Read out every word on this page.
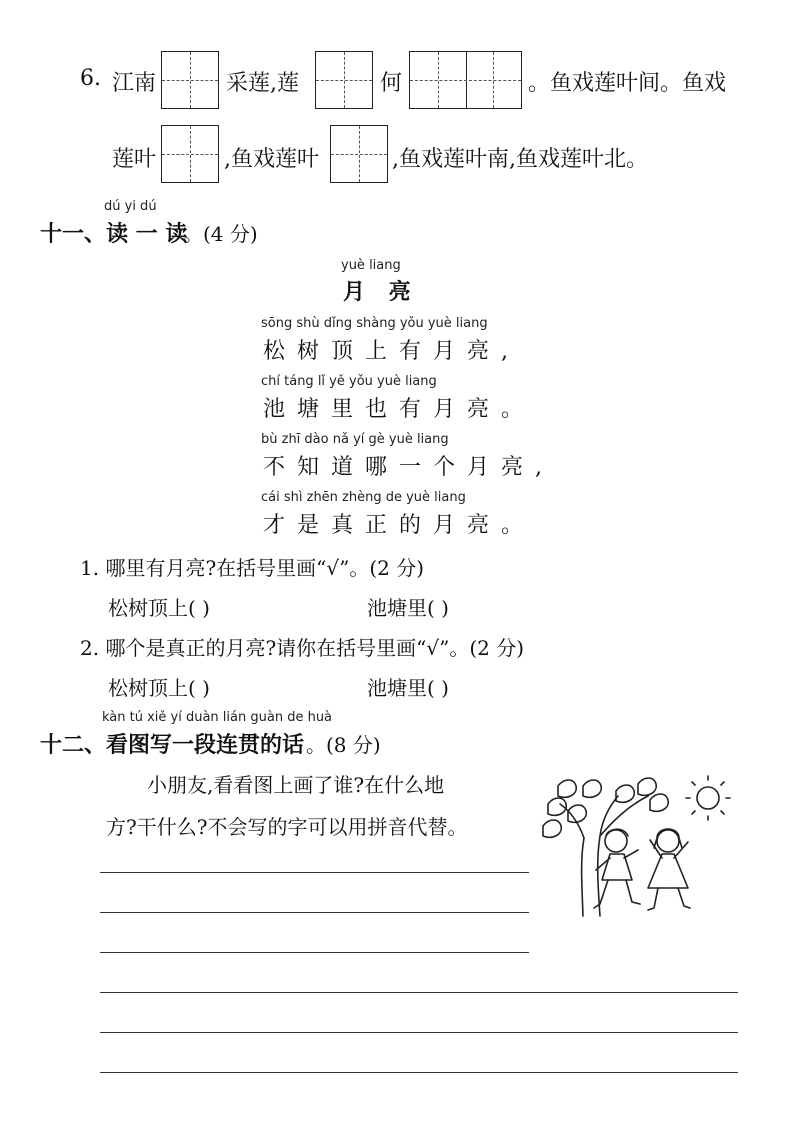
6. 江南	采莲,莲	何	。鱼戏莲叶间。鱼戏
莲叶	,鱼戏莲叶	,鱼戏莲叶南,鱼戏莲叶北。
dú yi dú
十一、读 一 读
。(4 分)
yuè liang
月 亮
sōng shù dǐng shàng yǒu yuè liang
松树顶上有月亮,
chí táng lǐ yě yǒu yuè liang
池塘里也有月亮。
bù zhī dào nǎ yí gè yuè liang
不知道哪一个月亮,
cái shì zhēn zhèng de yuè liang
才是真正的月亮。
1. 哪里有月亮?在括号里画“√”。(2 分)
松树顶上( )	池塘里( )
2. 哪个是真正的月亮?请你在括号里画“√”。(2 分)
松树顶上( )	池塘里( )
kàn tú xiě yí duàn lián guàn de huà
十二、看图写一段连贯的话 。(8 分)
小朋友,看看图上画了谁?在什么地
方?干什么?不会写的字可以用拼音代替。
